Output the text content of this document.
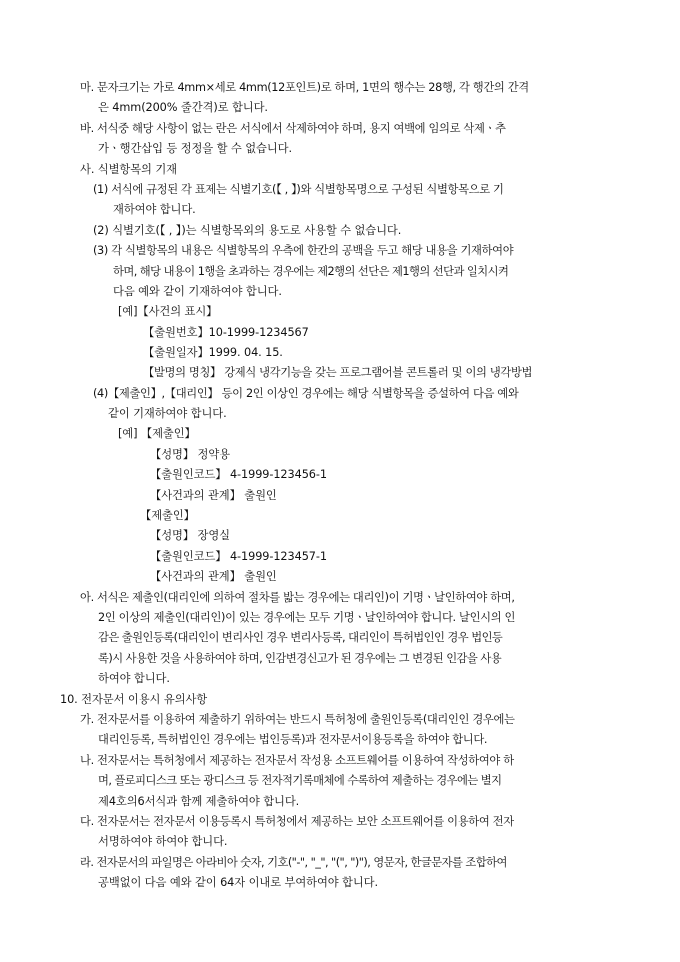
마. 문자크기는 가로 4mm×세로 4mm(12포인트)로 하며, 1면의 행수는 28행, 각 행간의 간격
은 4mm(200% 줄간격)로 합니다.
바. 서식중 해당 사항이 없는 란은 서식에서 삭제하여야 하며, 용지 여백에 임의로 삭제ㆍ추
가ㆍ행간삽입 등 정정을 할 수 없습니다.
사. 식별항목의 기재
(1) 서식에 규정된 각 표제는 식별기호(【 , 】)와 식별항목명으로 구성된 식별항목으로 기
재하여야 합니다.
(2) 식별기호(【 , 】)는 식별항목외의 용도로 사용할 수 없습니다.
(3) 각 식별항목의 내용은 식별항목의 우측에 한칸의 공백을 두고 해당 내용을 기재하여야
하며, 해당 내용이 1행을 초과하는 경우에는 제2행의 선단은 제1행의 선단과 일치시켜
다음 예와 같이 기재하여야 합니다.
[예]【사건의 표시】
【출원번호】10-1999-1234567
【출원일자】1999. 04. 15.
【발명의 명칭】 강제식 냉각기능을 갖는 프로그램어블 콘트롤러 및 이의 냉각방법
(4)【제출인】,【대리인】 등이 2인 이상인 경우에는 해당 식별항목을 증설하여 다음 예와
같이 기재하여야 합니다.
[예] 【제출인】
【성명】 정약용
【출원인코드】 4-1999-123456-1
【사건과의 관계】 출원인
【제출인】
【성명】 장영실
【출원인코드】 4-1999-123457-1
【사건과의 관계】 출원인
아. 서식은 제출인(대리인에 의하여 절차를 밟는 경우에는 대리인)이 기명ㆍ날인하여야 하며,
2인 이상의 제출인(대리인)이 있는 경우에는 모두 기명ㆍ날인하여야 합니다. 날인시의 인
감은 출원인등록(대리인이 변리사인 경우 변리사등록, 대리인이 특허법인인 경우 법인등
록)시 사용한 것을 사용하여야 하며, 인감변경신고가 된 경우에는 그 변경된 인감을 사용
하여야 합니다.
10. 전자문서 이용시 유의사항
가. 전자문서를 이용하여 제출하기 위하여는 반드시 특허청에 출원인등록(대리인인 경우에는
대리인등록, 특허법인인 경우에는 법인등록)과 전자문서이용등록을 하여야 합니다.
나. 전자문서는 특허청에서 제공하는 전자문서 작성용 소프트웨어를 이용하여 작성하여야 하
며, 플로피디스크 또는 광디스크 등 전자적기록매체에 수록하여 제출하는 경우에는 별지
제4호의6서식과 함께 제출하여야 합니다.
다. 전자문서는 전자문서 이용등록시 특허청에서 제공하는 보안 소프트웨어를 이용하여 전자
서명하여야 하여야 합니다.
라. 전자문서의 파일명은 아라비아 숫자, 기호("-", "_", "(", ")"), 영문자, 한글문자를 조합하여
공백없이 다음 예와 같이 64자 이내로 부여하여야 합니다.
